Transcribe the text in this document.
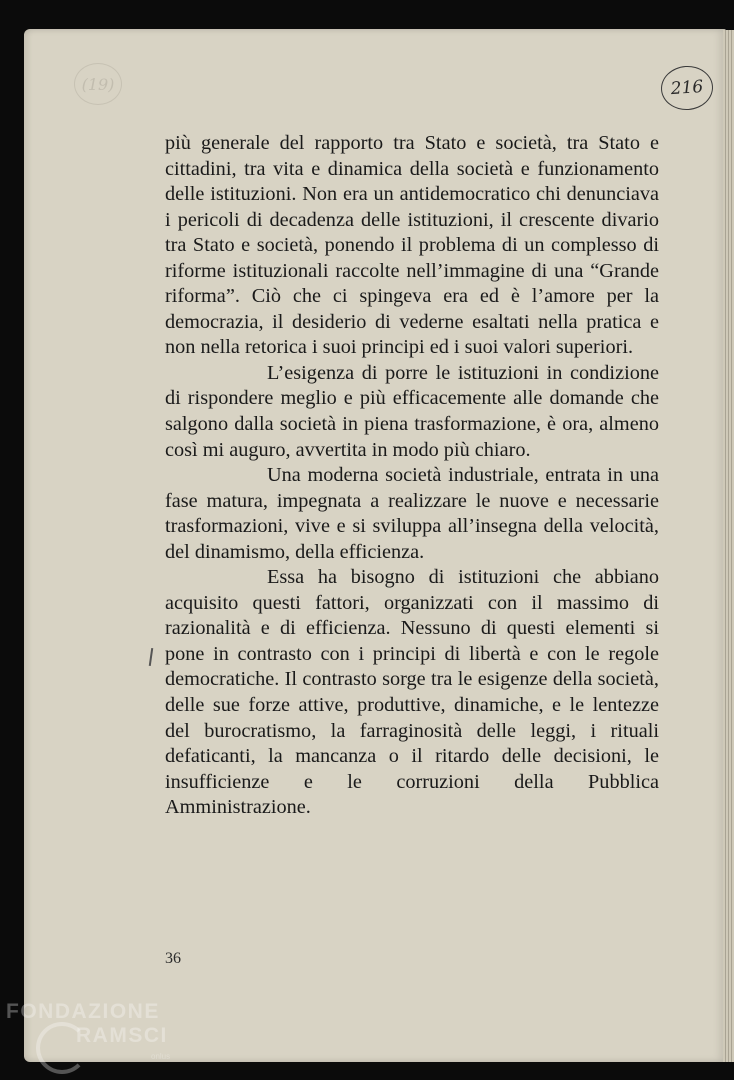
(19)	216

più generale del rapporto tra Stato e società, tra Stato e cittadini, tra vita e dinamica della società e funzionamento delle istituzioni. Non era un antidemocratico chi denunciava i pericoli di decadenza delle istituzioni, il crescente divario tra Stato e società, ponendo il problema di un complesso di riforme istituzionali raccolte nell’immagine di una “Grande riforma”. Ciò che ci spingeva era ed è l’amore per la democrazia, il desiderio di vederne esaltati nella pratica e non nella retorica i suoi principi ed i suoi valori superiori.

L’esigenza di porre le istituzioni in condizione di rispondere meglio e più efficacemente alle domande che salgono dalla società in piena trasformazione, è ora, almeno così mi auguro, avvertita in modo più chiaro.

Una moderna società industriale, entrata in una fase matura, impegnata a realizzare le nuove e necessarie trasformazioni, vive e si sviluppa all’insegna della velocità, del dinamismo, della efficienza.

Essa ha bisogno di istituzioni che abbiano acquisito questi fattori, organizzati con il massimo di razionalità e di efficienza. Nessuno di questi elementi si pone in contrasto con i principi di libertà e con le regole democratiche. Il contrasto sorge tra le esigenze della società, delle sue forze attive, produttive, dinamiche, e le lentezze del burocratismo, la farraginosità delle leggi, i rituali defaticanti, la mancanza o il ritardo delle decisioni, le insufficienze e le corruzioni della Pubblica Amministrazione.

36

FONDAZIONE
RAMSCI
onlus
